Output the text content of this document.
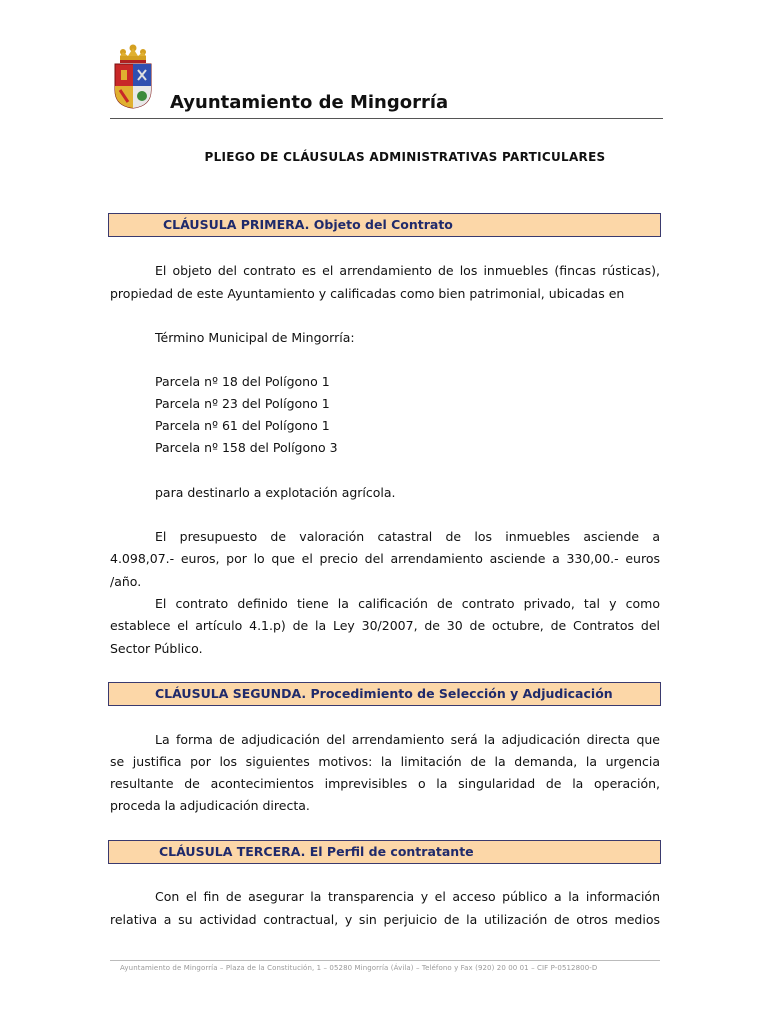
Ayuntamiento de Mingorría
PLIEGO DE CLÁUSULAS ADMINISTRATIVAS PARTICULARES
CLÁUSULA PRIMERA. Objeto del Contrato
El objeto del contrato es el arrendamiento de los inmuebles (fincas rústicas),
propiedad de este Ayuntamiento y calificadas como bien patrimonial, ubicadas en
Término Municipal de Mingorría:
Parcela nº 18 del Polígono 1
Parcela nº 23 del Polígono 1
Parcela nº 61 del Polígono 1
Parcela nº 158 del Polígono 3
para destinarlo a explotación agrícola.
El presupuesto de valoración catastral de los inmuebles asciende a
4.098,07.- euros, por lo que el precio del arrendamiento asciende a 330,00.- euros
/año.
El contrato definido tiene la calificación de contrato privado, tal y como
establece el artículo 4.1.p) de la Ley 30/2007, de 30 de octubre, de Contratos del
Sector Público.
CLÁUSULA SEGUNDA. Procedimiento de Selección y Adjudicación
La forma de adjudicación del arrendamiento será la adjudicación directa que
se justifica por los siguientes motivos: la limitación de la demanda, la urgencia
resultante de acontecimientos imprevisibles o la singularidad de la operación,
proceda la adjudicación directa.
CLÁUSULA TERCERA. El Perfil de contratante
Con el fin de asegurar la transparencia y el acceso público a la información
relativa a su actividad contractual, y sin perjuicio de la utilización de otros medios
Ayuntamiento de Mingorría – Plaza de la Constitución, 1 – 05280 Mingorría (Ávila) – Teléfono y Fax (920) 20 00 01 – CIF P-0512800-D
